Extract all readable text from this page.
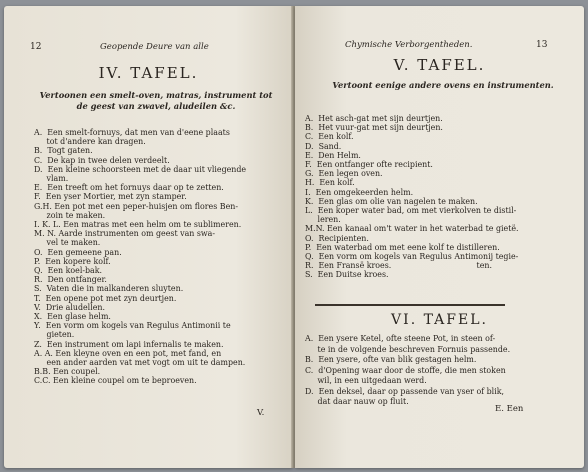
12	Geopende Deure van alle
IV. TAFEL.
Vertoonen een smelt-oven, matras, instrument tot de geest van zwavel, aludeilen &c.
A.  Een smelt-fornuys, dat men van d'eene plaats
tot d'andere kan dragen.
B.  Togt gaten.
C.  De kap in twee delen verdeelt.
D.  Een kleine schoorsteen met de daar uit vliegende
vlam.
E.  Een treeft om het fornuys daar op te zetten.
F.  Een yser Mortier, met zyn stamper.
G.H. Een pot met een peper-huisjen om flores Ben-
zoin te maken.
I. K. L. Een matras met een helm om te sublimeren.
M. N. Aarde instrumenten om geest van swa-
vel te maken.
O.  Een gemeene pan.
P.  Een kopere kolf.
Q.  Een koel-bak.
R.  Den ontfanger.
S.  Vaten die in malkanderen sluyten.
T.  Een opene pot met zyn deurtjen.
V.  Drie aludellen.
X.  Een glase helm.
Y.  Een vorm om kogels van Regulus Antimonii te
gieten.
Z.  Een instrument om lapi infernalis te maken.
A. A. Een kleyne oven en een pot, met fand, en
een ander aarden vat met vogt om uit te dampen.
B.B. Een coupel.
C.C. Een kleine coupel om te beproeven.
V.
Chymische Verborgentheden.	13
V. TAFEL.
Vertoont eenige andere ovens en instrumenten.
A.  Het asch-gat met sijn deurtjen.
B.  Het vuur-gat met sijn deurtjen.
C.  Een kolf.
D.  Sand.
E.  Den Helm.
F.  Een ontfanger ofte recipient.
G.  Een legen oven.
H.  Een kolf.
I.  Een omgekeerden helm.
K.  Een glas om olie van nagelen te maken.
L.  Een koper water bad, om met vierkolven te distil-
leren.
M.N. Een kanaal om't water in het waterbad te gietë.
O.  Recipienten.
P.  Een waterbad om met eene kolf te distilleren.
Q.  Een vorm om kogels van Regulus Antimonij tegie-
R.  Een Fransë kroes.                                  ten.
S.  Een Duitse kroes.
VI. TAFEL.
A.  Een ysere Ketel, ofte steene Pot, in steen of-
te in de volgende beschreven Fornuis passende.
B.  Een ysere, ofte van blik gestagen helm.
C.  d'Opening waar door de stoffe, die men stoken
wil, in een uitgedaan werd.
D.  Een deksel, daar op passende van yser of blik,
dat daar nauw op fluit.
E. Een
